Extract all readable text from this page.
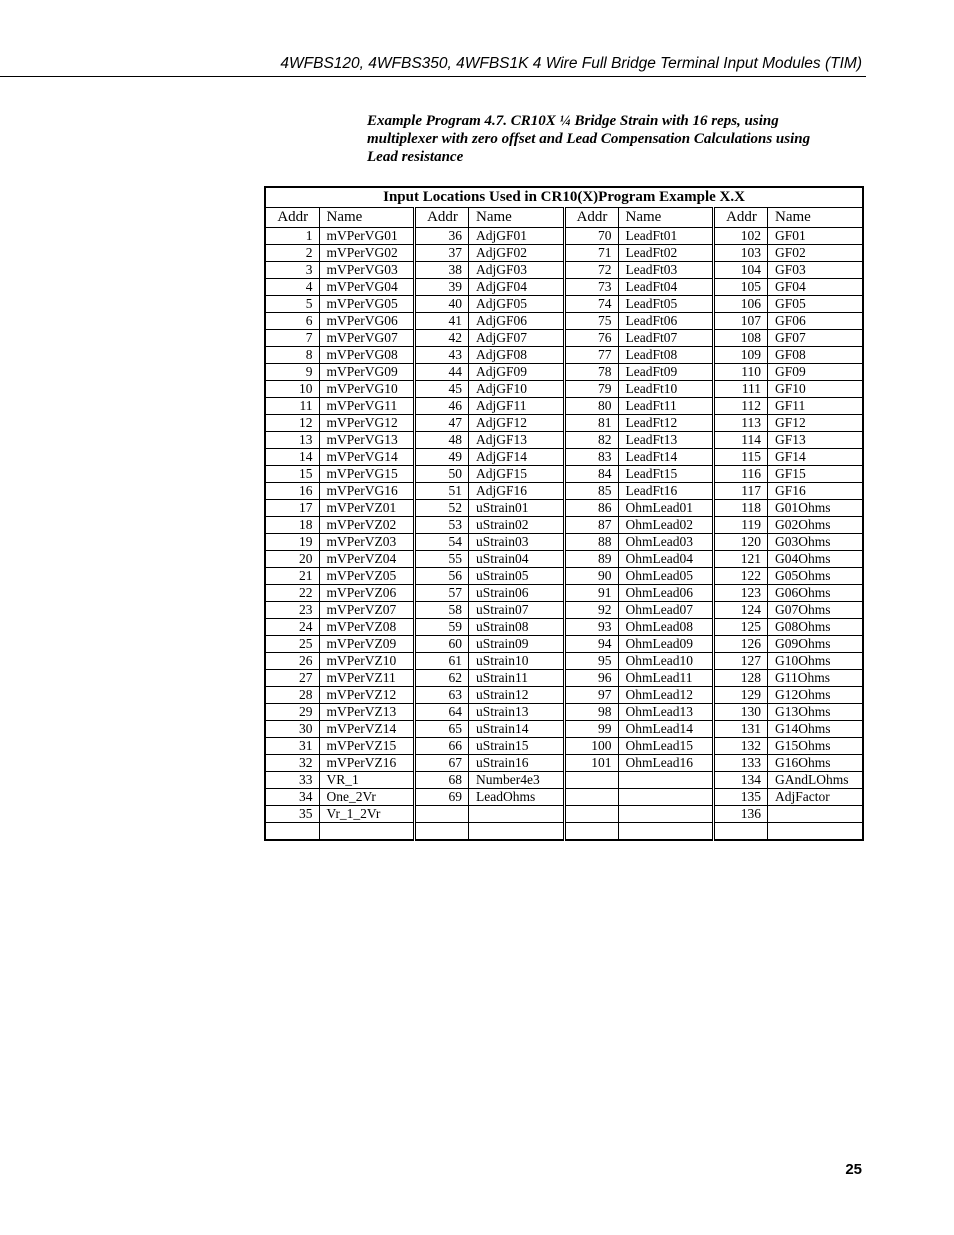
4WFBS120, 4WFBS350, 4WFBS1K 4 Wire Full Bridge Terminal Input Modules (TIM)
Example Program 4.7. CR10X ¼ Bridge Strain with 16 reps, using
multiplexer with zero offset and Lead Compensation Calculations using
Lead resistance
Input Locations Used in CR10(X)Program Example X.X							
Addr	Name	Addr	Name	Addr	Name	Addr	Name
1	mVPerVG01	36	AdjGF01	70	LeadFt01	102	GF01
2	mVPerVG02	37	AdjGF02	71	LeadFt02	103	GF02
3	mVPerVG03	38	AdjGF03	72	LeadFt03	104	GF03
4	mVPerVG04	39	AdjGF04	73	LeadFt04	105	GF04
5	mVPerVG05	40	AdjGF05	74	LeadFt05	106	GF05
6	mVPerVG06	41	AdjGF06	75	LeadFt06	107	GF06
7	mVPerVG07	42	AdjGF07	76	LeadFt07	108	GF07
8	mVPerVG08	43	AdjGF08	77	LeadFt08	109	GF08
9	mVPerVG09	44	AdjGF09	78	LeadFt09	110	GF09
10	mVPerVG10	45	AdjGF10	79	LeadFt10	111	GF10
11	mVPerVG11	46	AdjGF11	80	LeadFt11	112	GF11
12	mVPerVG12	47	AdjGF12	81	LeadFt12	113	GF12
13	mVPerVG13	48	AdjGF13	82	LeadFt13	114	GF13
14	mVPerVG14	49	AdjGF14	83	LeadFt14	115	GF14
15	mVPerVG15	50	AdjGF15	84	LeadFt15	116	GF15
16	mVPerVG16	51	AdjGF16	85	LeadFt16	117	GF16
17	mVPerVZ01	52	uStrain01	86	OhmLead01	118	G01Ohms
18	mVPerVZ02	53	uStrain02	87	OhmLead02	119	G02Ohms
19	mVPerVZ03	54	uStrain03	88	OhmLead03	120	G03Ohms
20	mVPerVZ04	55	uStrain04	89	OhmLead04	121	G04Ohms
21	mVPerVZ05	56	uStrain05	90	OhmLead05	122	G05Ohms
22	mVPerVZ06	57	uStrain06	91	OhmLead06	123	G06Ohms
23	mVPerVZ07	58	uStrain07	92	OhmLead07	124	G07Ohms
24	mVPerVZ08	59	uStrain08	93	OhmLead08	125	G08Ohms
25	mVPerVZ09	60	uStrain09	94	OhmLead09	126	G09Ohms
26	mVPerVZ10	61	uStrain10	95	OhmLead10	127	G10Ohms
27	mVPerVZ11	62	uStrain11	96	OhmLead11	128	G11Ohms
28	mVPerVZ12	63	uStrain12	97	OhmLead12	129	G12Ohms
29	mVPerVZ13	64	uStrain13	98	OhmLead13	130	G13Ohms
30	mVPerVZ14	65	uStrain14	99	OhmLead14	131	G14Ohms
31	mVPerVZ15	66	uStrain15	100	OhmLead15	132	G15Ohms
32	mVPerVZ16	67	uStrain16	101	OhmLead16	133	G16Ohms
33	VR_1	68	Number4e3			134	GAndLOhms
34	One_2Vr	69	LeadOhms			135	AdjFactor
35	Vr_1_2Vr					136	

25
